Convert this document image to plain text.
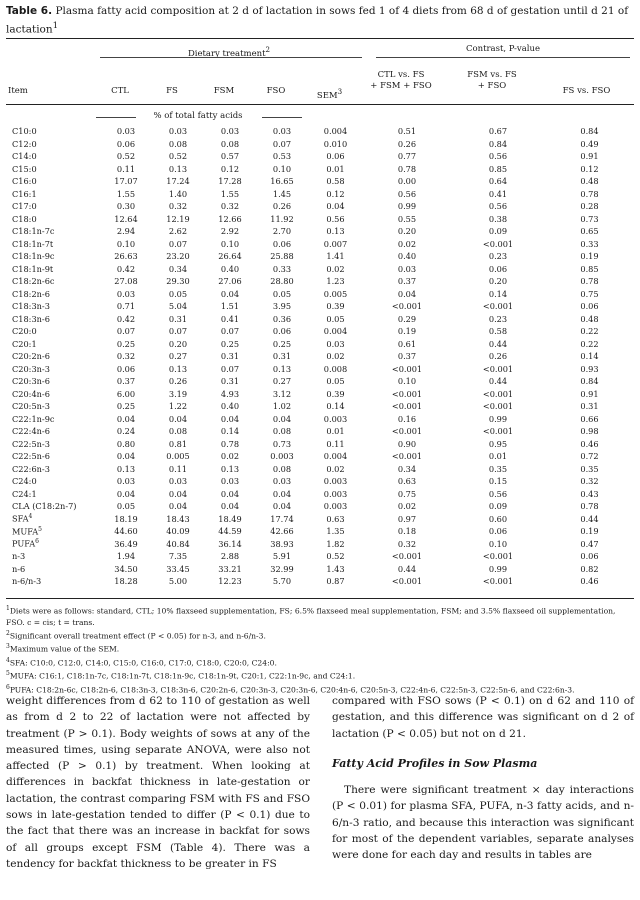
Table 6. Plasma fatty acid composition at 2 d of lactation in sows fed 1 of 4 diets from 68 d of gestation until d 21 of lactation$^1$
Dietary treatment$^2$	Contrast, P-value
Item	CTL	FS	FSM	FSO	SEM$^3$
CTL vs. FS
+ FSM + FSO
FSM vs. FS
+ FSO	FS vs. FSO
% of total fatty acids
C10:0	0.03	0.03	0.03	0.03	0.004	0.51	0.67	0.84
C12:0	0.06	0.08	0.08	0.07	0.010	0.26	0.84	0.49
C14:0	0.52	0.52	0.57	0.53	0.06	0.77	0.56	0.91
C15:0	0.11	0.13	0.12	0.10	0.01	0.78	0.85	0.12
C16:0	17.07	17.24	17.28	16.65	0.58	0.00	0.64	0.48
C16:1	1.55	1.40	1.55	1.45	0.12	0.56	0.41	0.78
C17:0	0.30	0.32	0.32	0.26	0.04	0.99	0.56	0.28
C18:0	12.64	12.19	12.66	11.92	0.56	0.55	0.38	0.73
C18:1n-7c	2.94	2.62	2.92	2.70	0.13	0.20	0.09	0.65
C18:1n-7t	0.10	0.07	0.10	0.06	0.007	0.02	<0.001	0.33
C18:1n-9c	26.63	23.20	26.64	25.88	1.41	0.40	0.23	0.19
C18:1n-9t	0.42	0.34	0.40	0.33	0.02	0.03	0.06	0.85
C18:2n-6c	27.08	29.30	27.06	28.80	1.23	0.37	0.20	0.78
C18:2n-6	0.03	0.05	0.04	0.05	0.005	0.04	0.14	0.75
C18:3n-3	0.71	5.04	1.51	3.95	0.39	<0.001	<0.001	0.06
C18:3n-6	0.42	0.31	0.41	0.36	0.05	0.29	0.23	0.48
C20:0	0.07	0.07	0.07	0.06	0.004	0.19	0.58	0.22
C20:1	0.25	0.20	0.25	0.25	0.03	0.61	0.44	0.22
C20:2n-6	0.32	0.27	0.31	0.31	0.02	0.37	0.26	0.14
C20:3n-3	0.06	0.13	0.07	0.13	0.008	<0.001	<0.001	0.93
C20:3n-6	0.37	0.26	0.31	0.27	0.05	0.10	0.44	0.84
C20:4n-6	6.00	3.19	4.93	3.12	0.39	<0.001	<0.001	0.91
C20:5n-3	0.25	1.22	0.40	1.02	0.14	<0.001	<0.001	0.31
C22:1n-9c	0.04	0.04	0.04	0.04	0.003	0.16	0.99	0.66
C22:4n-6	0.24	0.08	0.14	0.08	0.01	<0.001	<0.001	0.98
C22:5n-3	0.80	0.81	0.78	0.73	0.11	0.90	0.95	0.46
C22:5n-6	0.04	0.005	0.02	0.003	0.004	<0.001	0.01	0.72
C22:6n-3	0.13	0.11	0.13	0.08	0.02	0.34	0.35	0.35
C24:0	0.03	0.03	0.03	0.03	0.003	0.63	0.15	0.32
C24:1	0.04	0.04	0.04	0.04	0.003	0.75	0.56	0.43
CLA (C18:2n-7)	0.05	0.04	0.04	0.04	0.003	0.02	0.09	0.78
SFA$^4$	18.19	18.43	18.49	17.74	0.63	0.97	0.60	0.44
MUFA$^5$	44.60	40.09	44.59	42.66	1.35	0.18	0.06	0.19
PUFA$^6$	36.49	40.84	36.14	38.93	1.82	0.32	0.10	0.47
n-3	1.94	7.35	2.88	5.91	0.52	<0.001	<0.001	0.06
n-6	34.50	33.45	33.21	32.99	1.43	0.44	0.99	0.82
n-6/n-3	18.28	5.00	12.23	5.70	0.87	<0.001	<0.001	0.46

$^1$Diets were as follows: standard, CTL; 10% flaxseed supplementation, FS; 6.5% flaxseed meal supplementation, FSM; and 3.5% flaxseed oil supplementation, FSO. c = cis; t = trans.

$^2$Significant overall treatment effect (P < 0.05) for n-3, and n-6/n-3.

$^3$Maximum value of the SEM.

$^4$SFA: C10:0, C12:0, C14:0, C15:0, C16:0, C17:0, C18:0, C20:0, C24:0.

$^5$MUFA: C16:1, C18:1n-7c, C18:1n-7t, C18:1n-9c, C18:1n-9t, C20:1, C22:1n-9c, and C24:1.

$^6$PUFA: C18:2n-6c, C18:2n-6, C18:3n-3, C18:3n-6, C20:2n-6, C20:3n-3, C20:3n-6, C20:4n-6, C20:5n-3, C22:4n-6, C22:5n-3, C22:5n-6, and C22:6n-3.

weight differences from d 62 to 110 of gestation as well as from d 2 to 22 of lactation were not affected by treatment (P > 0.1). Body weights of sows at any of the measured times, using separate ANOVA, were also not affected (P > 0.1) by treatment. When looking at differences in backfat thickness in late-gestation or lactation, the contrast comparing FSM with FS and FSO sows in late-gestation tended to differ (P < 0.1) due to the fact that there was an increase in backfat for sows of all groups except FSM (Table 4). There was a tendency for backfat thickness to be greater in FS

compared with FSO sows (P < 0.1) on d 62 and 110 of gestation, and this difference was significant on d 2 of lactation (P < 0.05) but not on d 21.

Fatty Acid Profiles in Sow Plasma

There were significant treatment × day interactions (P < 0.01) for plasma SFA, PUFA, n-3 fatty acids, and n-6/n-3 ratio, and because this interaction was significant for most of the dependent variables, separate analyses were done for each day and results in tables are
